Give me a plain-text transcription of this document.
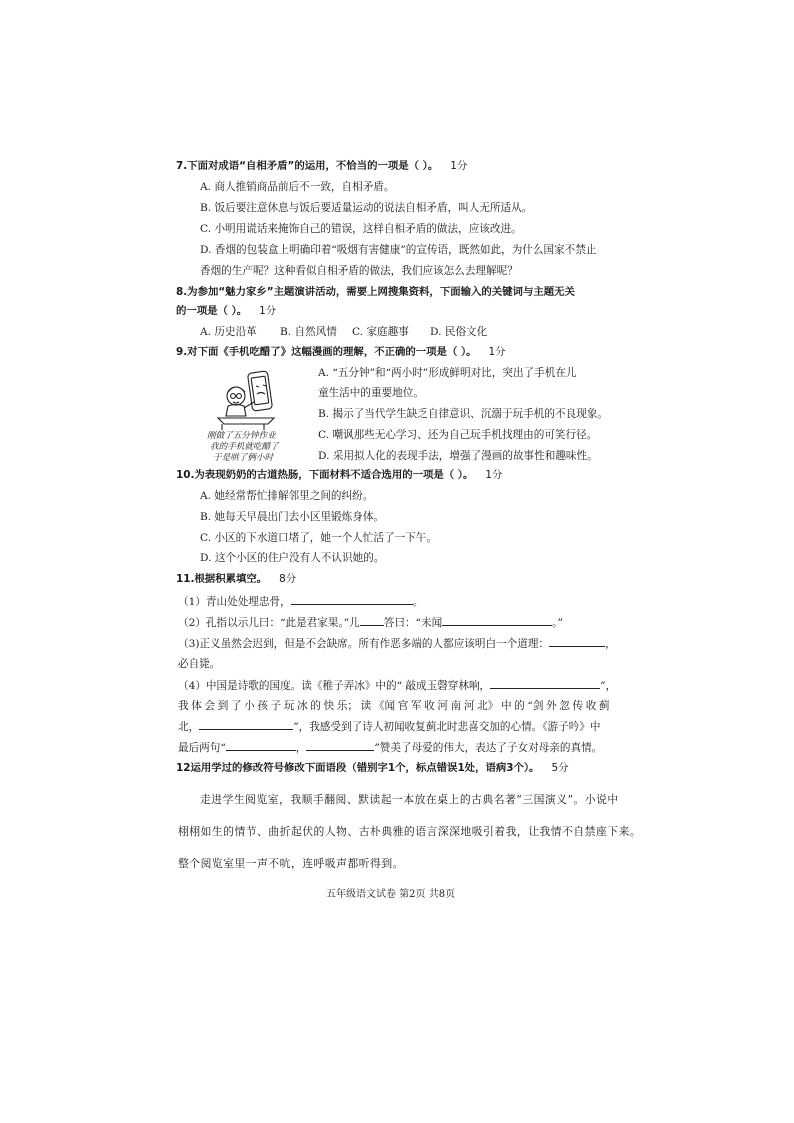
7.下面对成语“自相矛盾”的运用，不恰当的一项是（ ）。 1分
A. 商人推销商品前后不一致，自相矛盾。
B. 饭后要注意休息与饭后要适量运动的说法自相矛盾，叫人无所适从。
C. 小明用谎话来掩饰自己的错误，这样自相矛盾的做法，应该改进。
D. 香烟的包装盒上明确印着“吸烟有害健康”的宣传语，既然如此，为什么国家不禁止
香烟的生产呢？这种看似自相矛盾的做法，我们应该怎么去理解呢？
8.为参加“魅力家乡”主题演讲活动，需要上网搜集资料，下面输入的关键词与主题无关
的一项是（ ）。 1分
A. 历史沿革 B. 自然风情 C. 家庭趣事 D. 民俗文化
9.对下面《手机吃醋了》这幅漫画的理解，不正确的一项是（ ）。 1分
刚做了五分钟作业
我的手机就吃醋了
于是哄了俩小时
A. “五分钟”和“两小时”形成鲜明对比，突出了手机在儿
童生活中的重要地位。
B. 揭示了当代学生缺乏自律意识、沉溺于玩手机的不良现象。
C. 嘲讽那些无心学习、还为自己玩手机找理由的可笑行径。
D. 采用拟人化的表现手法，增强了漫画的故事性和趣味性。
10.为表现奶奶的古道热肠，下面材料不适合选用的一项是（ ）。 1分
A. 她经常帮忙排解邻里之间的纠纷。
B. 她每天早晨出门去小区里锻炼身体。
C. 小区的下水道口堵了，她一个人忙活了一下午。
D. 这个小区的住户没有人不认识她的。
11.根据积累填空。 8分
（1）青山处处埋忠骨，	。
（2）孔指以示儿曰：“此是君家果。”儿 答曰：“未闻	。”
（3)正义虽然会迟到，但是不会缺席。所有作恶多端的人都应该明白一个道理：	，
必自毙。
（4）中国是诗歌的国度。读《稚子弄冰》中的“ 敲成玉磬穿林响，	”，
我 体 会 到 了 小 孩 子 玩 冰 的 快 乐； 读 《闻 官 军 收 河 南 河 北》 中 的 “剑 外 忽 传 收 蓟
北，	”，我感受到了诗人初闻收复蓟北时悲喜交加的心情。《游子吟》中
最后两句“	，	”赞美了母爱的伟大，表达了子女对母亲的真情。
12运用学过的修改符号修改下面语段（错别字1个，标点错误1处，语病3个）。 5分
走进学生阅览室，我顺手翻阅、默读起一本放在桌上的古典名著“三国演义”。小说中
栩栩如生的情节、曲折起伏的人物、古朴典雅的语言深深地吸引着我，让我情不自禁座下来。
整个阅览室里一声不吭，连呼吸声都听得到。
五年级语文试卷 第2页 共8页
